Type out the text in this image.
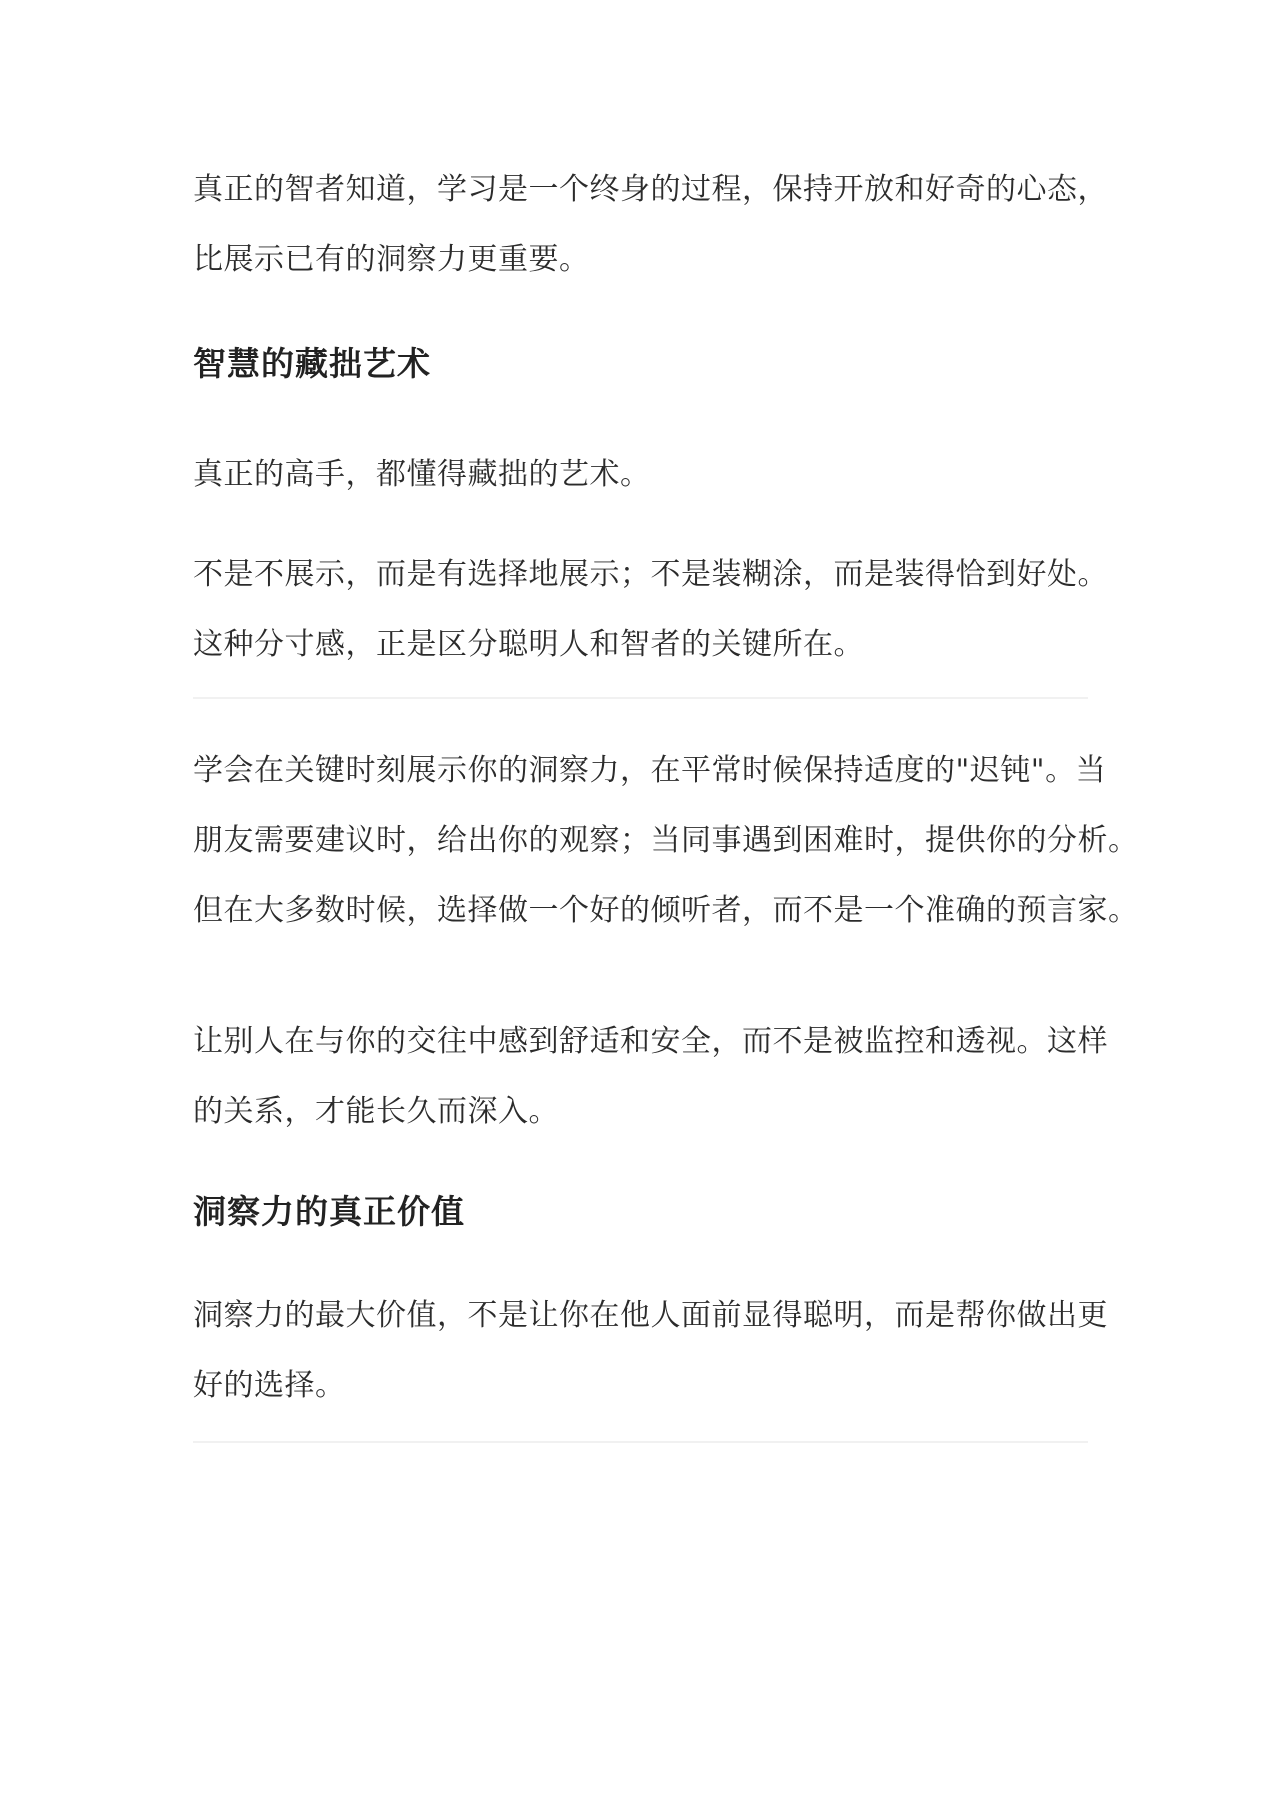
真正的智者知道，学习是一个终身的过程，保持开放和好奇的心态，
比展示已有的洞察力更重要。

智慧的藏拙艺术

真正的高手，都懂得藏拙的艺术。

不是不展示，而是有选择地展示；不是装糊涂，而是装得恰到好处。
这种分寸感，正是区分聪明人和智者的关键所在。

学会在关键时刻展示你的洞察力，在平常时候保持适度的"迟钝"。当
朋友需要建议时，给出你的观察；当同事遇到困难时，提供你的分析。
但在大多数时候，选择做一个好的倾听者，而不是一个准确的预言家。

让别人在与你的交往中感到舒适和安全，而不是被监控和透视。这样
的关系，才能长久而深入。

洞察力的真正价值

洞察力的最大价值，不是让你在他人面前显得聪明，而是帮你做出更
好的选择。
